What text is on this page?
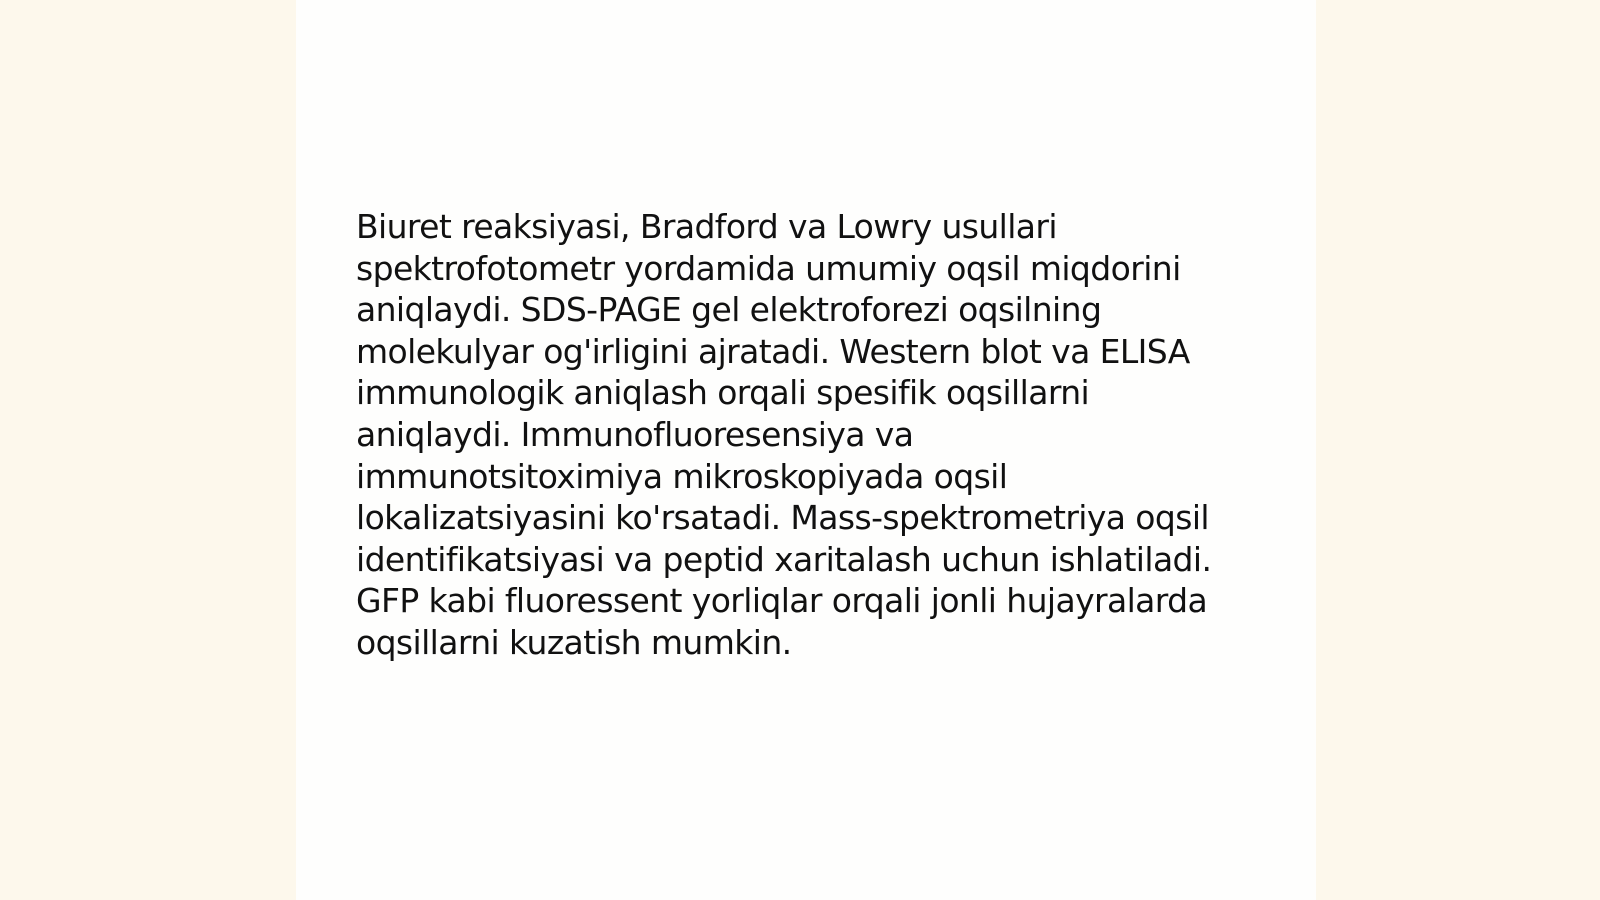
Biuret reaksiyasi, Bradford va Lowry usullari
spektrofotometr yordamida umumiy oqsil miqdorini
aniqlaydi. SDS-PAGE gel elektroforezi oqsilning
molekulyar og'irligini ajratadi. Western blot va ELISA
immunologik aniqlash orqali spesifik oqsillarni
aniqlaydi. Immunofluoresensiya va
immunotsitoximiya mikroskopiyada oqsil
lokalizatsiyasini ko'rsatadi. Mass-spektrometriya oqsil
identifikatsiyasi va peptid xaritalash uchun ishlatiladi.
GFP kabi fluoressent yorliqlar orqali jonli hujayralarda
oqsillarni kuzatish mumkin.
